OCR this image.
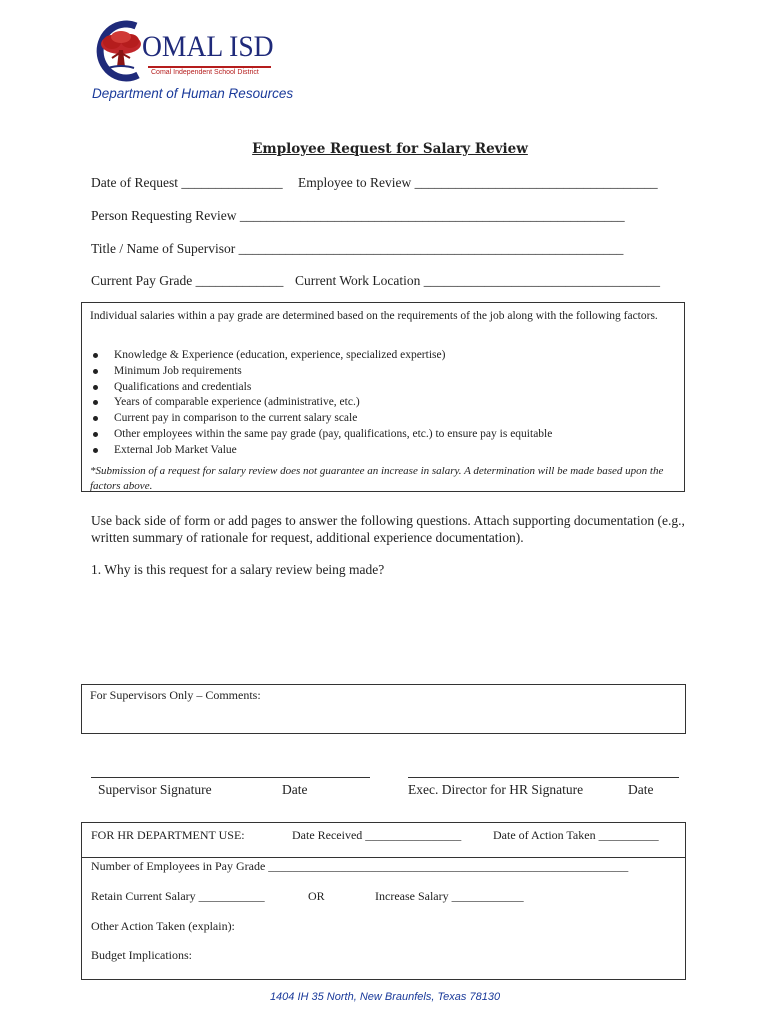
OMAL ISD
Comal Independent School District
Department of Human Resources
Employee Request for Salary Review
Date of Request _______________ Employee to Review ____________________________________
Person Requesting Review _________________________________________________________
Title / Name of Supervisor _________________________________________________________
Current Pay Grade _____________ Current Work Location ___________________________________
Individual salaries within a pay grade are determined based on the requirements of the job along with the following factors.
Knowledge & Experience (education, experience, specialized expertise)
Minimum Job requirements
Qualifications and credentials
Years of comparable experience (administrative, etc.)
Current pay in comparison to the current salary scale
Other employees within the same pay grade (pay, qualifications, etc.) to ensure pay is equitable
External Job Market Value
*Submission of a request for salary review does not guarantee an increase in salary. A determination will be made based upon the factors above.
Use back side of form or add pages to answer the following questions. Attach supporting documentation (e.g., written summary of rationale for request, additional experience documentation).
1. Why is this request for a salary review being made?
For Supervisors Only – Comments:
Supervisor Signature	Date	Exec. Director for HR Signature	Date
FOR HR DEPARTMENT USE:	Date Received ________________	Date of Action Taken __________
Number of Employees in Pay Grade ____________________________________________________________
Retain Current Salary ___________	OR	Increase Salary ____________
Other Action Taken (explain):
Budget Implications:
1404 IH 35 North, New Braunfels, Texas 78130
